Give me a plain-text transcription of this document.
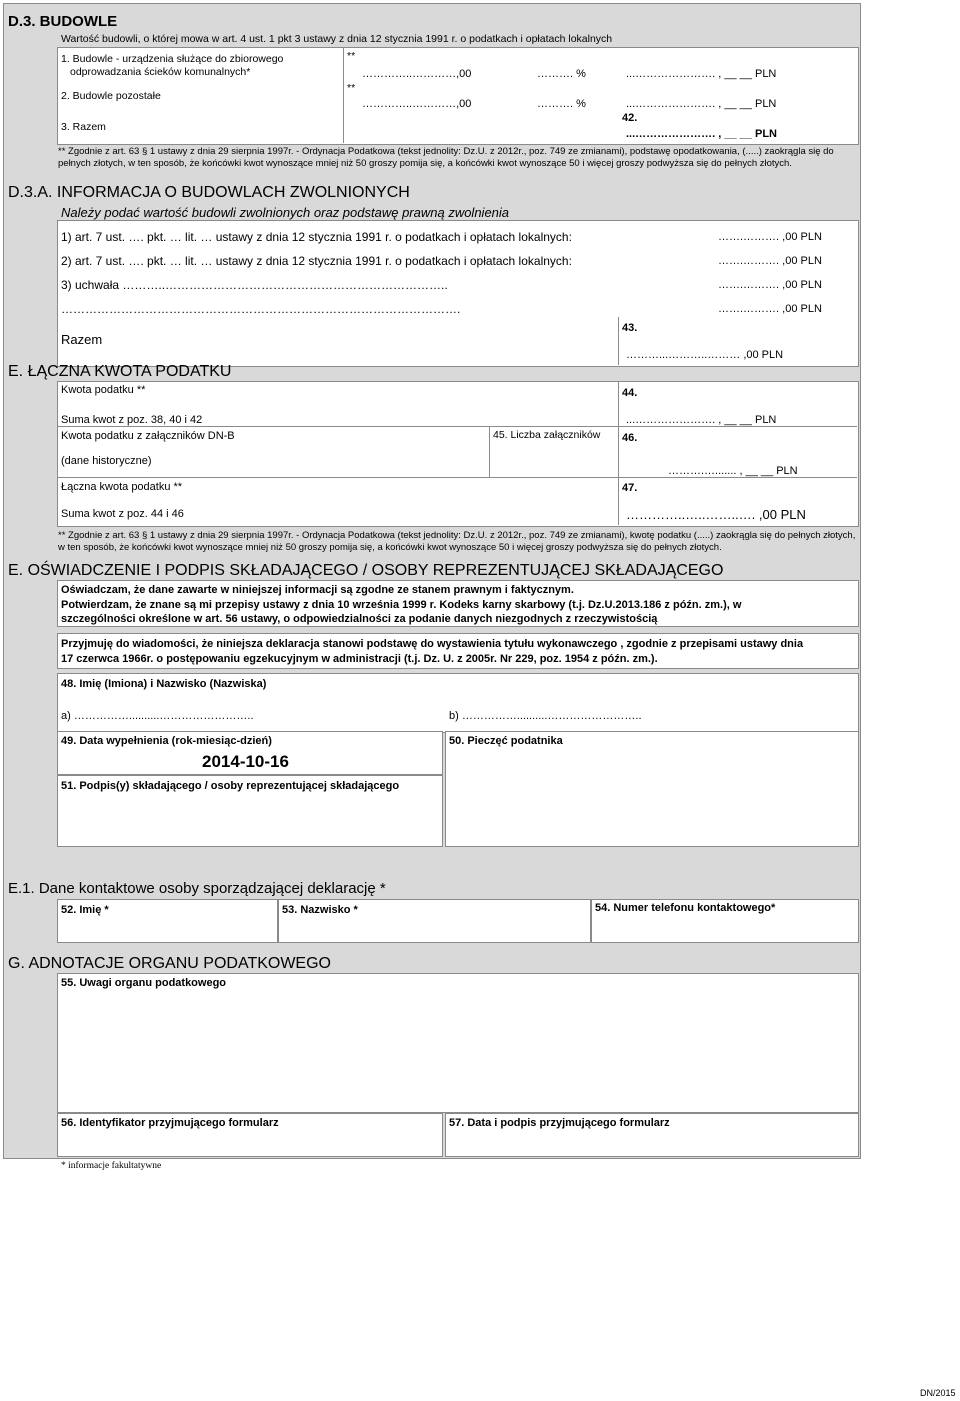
D.3. BUDOWLE
Wartość budowli, o której mowa w art. 4 ust. 1 pkt 3 ustawy z dnia 12 stycznia 1991 r. o podatkach i opłatach lokalnych
1. Budowle - urządzenia służące do zbiorowego
odprowadzania ścieków komunalnych*
**
…………..…………,00	………. %	...…………………. , __ __ PLN
2. Budowle pozostałe
**
…………..…………,00	………. %	...…………………. , __ __ PLN
3. Razem
42.
...…………………. , __ __ PLN
** Zgodnie z art. 63 § 1 ustawy z dnia 29 sierpnia 1997r. - Ordynacja Podatkowa (tekst jednolity: Dz.U. z 2012r., poz. 749 ze zmianami), podstawę opodatkowania, (.....) zaokrągla się do pełnych złotych, w ten sposób, że końcówki kwot wynoszące mniej niż 50 groszy pomija się, a końcówki kwot wynoszące 50 i więcej groszy podwyższa się do pełnych złotych.
D.3.A. INFORMACJA O BUDOWLACH ZWOLNIONYCH
Należy podać wartość budowli zwolnionych oraz podstawę prawną zwolnienia
1) art. 7 ust. …. pkt. … lit. … ustawy z dnia 12 stycznia 1991 r. o podatkach i opłatach lokalnych:	…….………. ,00 PLN
2) art. 7 ust. …. pkt. … lit. … ustawy z dnia 12 stycznia 1991 r. o podatkach i opłatach lokalnych:	…….………. ,00 PLN
3) uchwała ………..……………………………………………………………..	…….………. ,00 PLN
……………………………………………………………………………………….	…….………. ,00 PLN
Razem
43.
………...………..……… ,00 PLN
E. ŁĄCZNA KWOTA PODATKU
Kwota podatku **	44.
Suma kwot z poz. 38, 40 i 42	...…………………. , __ __ PLN
Kwota podatku z załączników DN-B	45. Liczba załączników 46.
(dane historyczne)
……….…....... , __ __ PLN
Łączna kwota podatku **	47.
Suma kwot z poz. 44 i 46	…………..…..……..…. ,00 PLN
** Zgodnie z art. 63 § 1 ustawy z dnia 29 sierpnia 1997r. - Ordynacja Podatkowa (tekst jednolity: Dz.U. z 2012r., poz. 749 ze zmianami), kwotę podatku (.....) zaokrągla się do pełnych złotych, w ten sposób, że końcówki kwot wynoszące mniej niż 50 groszy pomija się, a końcówki kwot wynoszące 50 i więcej groszy podwyższa się do pełnych złotych.
E. OŚWIADCZENIE I PODPIS SKŁADAJĄCEGO / OSOBY REPREZENTUJĄCEJ SKŁADAJĄCEGO
Oświadczam, że dane zawarte w niniejszej informacji są zgodne ze stanem prawnym i faktycznym.
Potwierdzam, że znane są mi przepisy ustawy z dnia 10 września 1999 r. Kodeks karny skarbowy (t.j. Dz.U.2013.186 z późn. zm.), w
szczególności określone w art. 56 ustawy, o odpowiedzialności za podanie danych niezgodnych z rzeczywistością
Przyjmuję do wiadomości, że niniejsza deklaracja stanowi podstawę do wystawienia tytułu wykonawczego , zgodnie z przepisami ustawy dnia
17 czerwca 1966r. o postępowaniu egzekucyjnym w administracji (t.j. Dz. U. z 2005r. Nr 229, poz. 1954 z późn. zm.).
48. Imię (Imiona) i Nazwisko (Nazwiska)
a) ……………..........……………………..	b) ……………..........……………………..
49. Data wypełnienia (rok-miesiąc-dzień)
2014-10-16
50. Pieczęć podatnika
51. Podpis(y) składającego / osoby reprezentującej składającego
E.1. Dane kontaktowe osoby sporządzającej deklarację *
52. Imię *	53. Nazwisko *	54. Numer telefonu kontaktowego*
G. ADNOTACJE ORGANU PODATKOWEGO
55. Uwagi organu podatkowego
56. Identyfikator przyjmującego formularz	57. Data i podpis przyjmującego formularz
* informacje fakultatywne
DN/2015
